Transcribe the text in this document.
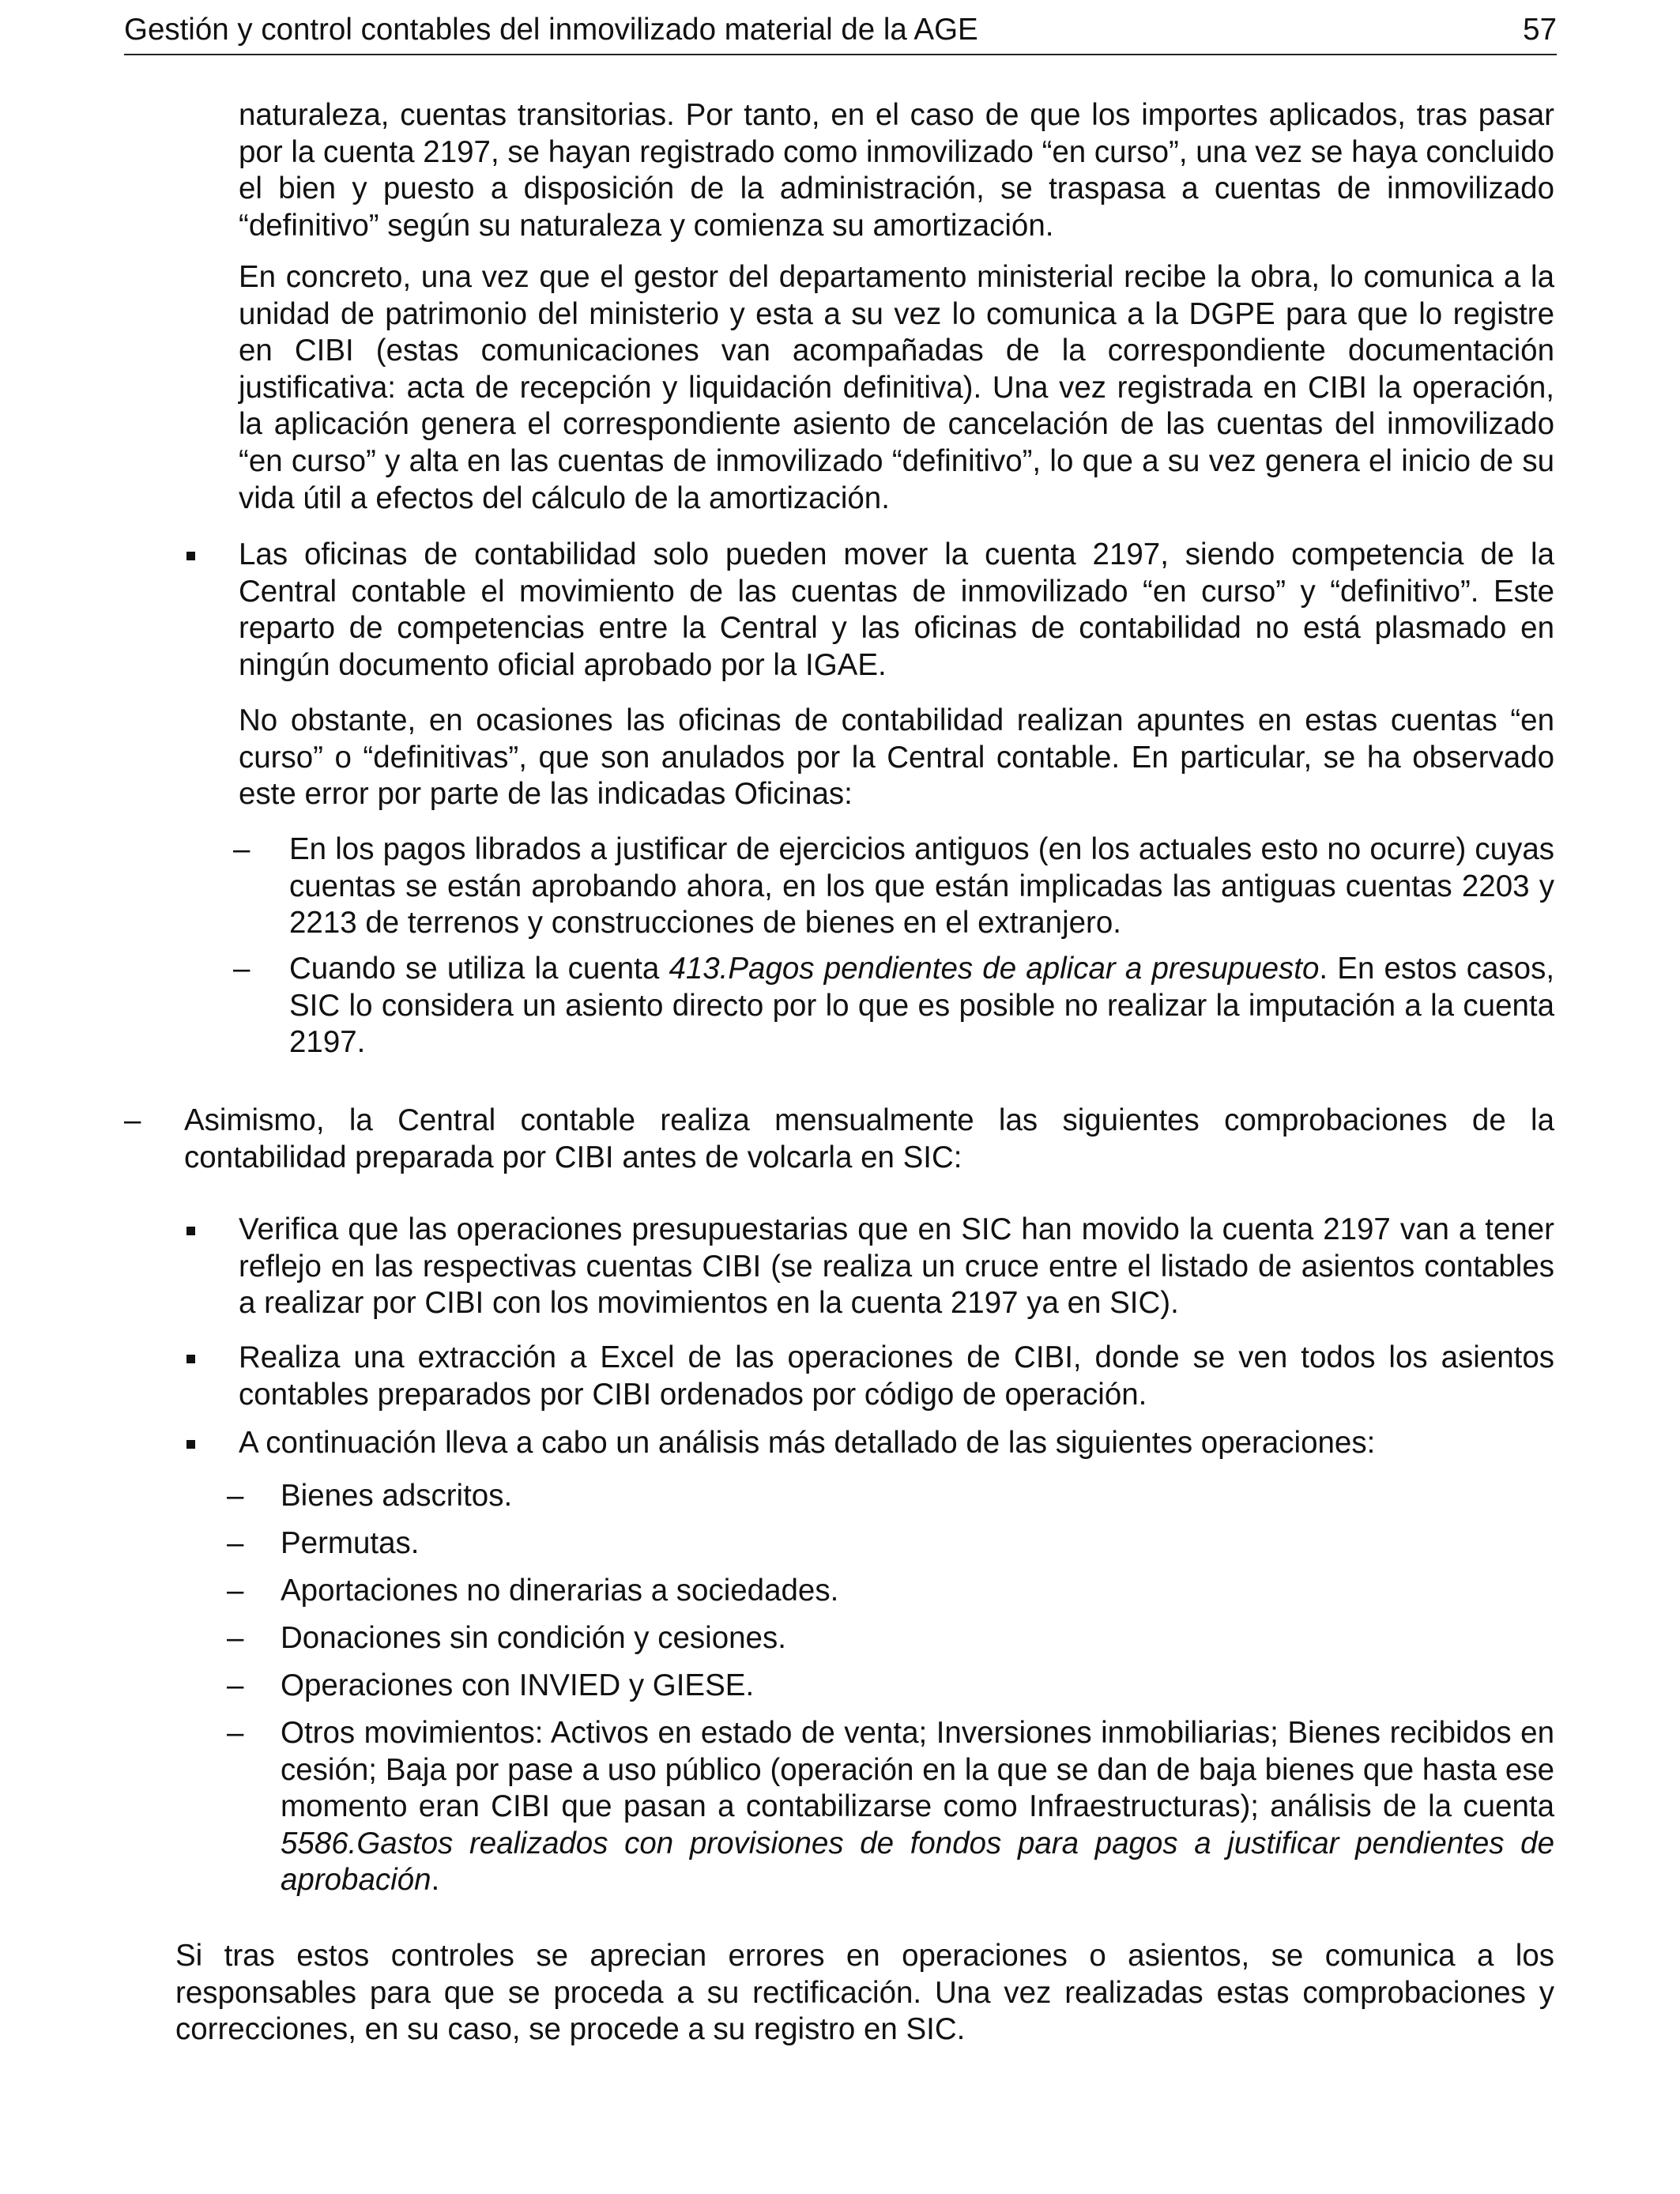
Gestión y control contables del inmovilizado material de la AGE	57

naturaleza, cuentas transitorias. Por tanto, en el caso de que los importes aplicados, tras pasar por la cuenta 2197, se hayan registrado como inmovilizado “en curso”, una vez se haya concluido el bien y puesto a disposición de la administración, se traspasa a cuentas de inmovilizado “definitivo” según su naturaleza y comienza su amortización.

En concreto, una vez que el gestor del departamento ministerial recibe la obra, lo comunica a la unidad de patrimonio del ministerio y esta a su vez lo comunica a la DGPE para que lo registre en CIBI (estas comunicaciones van acompañadas de la correspondiente documentación justificativa: acta de recepción y liquidación definitiva). Una vez registrada en CIBI la operación, la aplicación genera el correspondiente asiento de cancelación de las cuentas del inmovilizado “en curso” y alta en las cuentas de inmovilizado “definitivo”, lo que a su vez genera el inicio de su vida útil a efectos del cálculo de la amortización.

Las oficinas de contabilidad solo pueden mover la cuenta 2197, siendo competencia de la Central contable el movimiento de las cuentas de inmovilizado “en curso” y “definitivo”. Este reparto de competencias entre la Central y las oficinas de contabilidad no está plasmado en ningún documento oficial aprobado por la IGAE.

No obstante, en ocasiones las oficinas de contabilidad realizan apuntes en estas cuentas “en curso” o “definitivas”, que son anulados por la Central contable. En particular, se ha observado este error por parte de las indicadas Oficinas:

– En los pagos librados a justificar de ejercicios antiguos (en los actuales esto no ocurre) cuyas cuentas se están aprobando ahora, en los que están implicadas las antiguas cuentas 2203 y 2213 de terrenos y construcciones de bienes en el extranjero.

– Cuando se utiliza la cuenta 413.Pagos pendientes de aplicar a presupuesto. En estos casos, SIC lo considera un asiento directo por lo que es posible no realizar la imputación a la cuenta 2197.

– Asimismo, la Central contable realiza mensualmente las siguientes comprobaciones de la contabilidad preparada por CIBI antes de volcarla en SIC:

Verifica que las operaciones presupuestarias que en SIC han movido la cuenta 2197 van a tener reflejo en las respectivas cuentas CIBI (se realiza un cruce entre el listado de asientos contables a realizar por CIBI con los movimientos en la cuenta 2197 ya en SIC).

Realiza una extracción a Excel de las operaciones de CIBI, donde se ven todos los asientos contables preparados por CIBI ordenados por código de operación.

A continuación lleva a cabo un análisis más detallado de las siguientes operaciones:

– Bienes adscritos.

– Permutas.

– Aportaciones no dinerarias a sociedades.

– Donaciones sin condición y cesiones.

– Operaciones con INVIED y GIESE.

– Otros movimientos: Activos en estado de venta; Inversiones inmobiliarias; Bienes recibidos en cesión; Baja por pase a uso público (operación en la que se dan de baja bienes que hasta ese momento eran CIBI que pasan a contabilizarse como Infraestructuras); análisis de la cuenta 5586.Gastos realizados con provisiones de fondos para pagos a justificar pendientes de aprobación.

Si tras estos controles se aprecian errores en operaciones o asientos, se comunica a los responsables para que se proceda a su rectificación. Una vez realizadas estas comprobaciones y correcciones, en su caso, se procede a su registro en SIC.
